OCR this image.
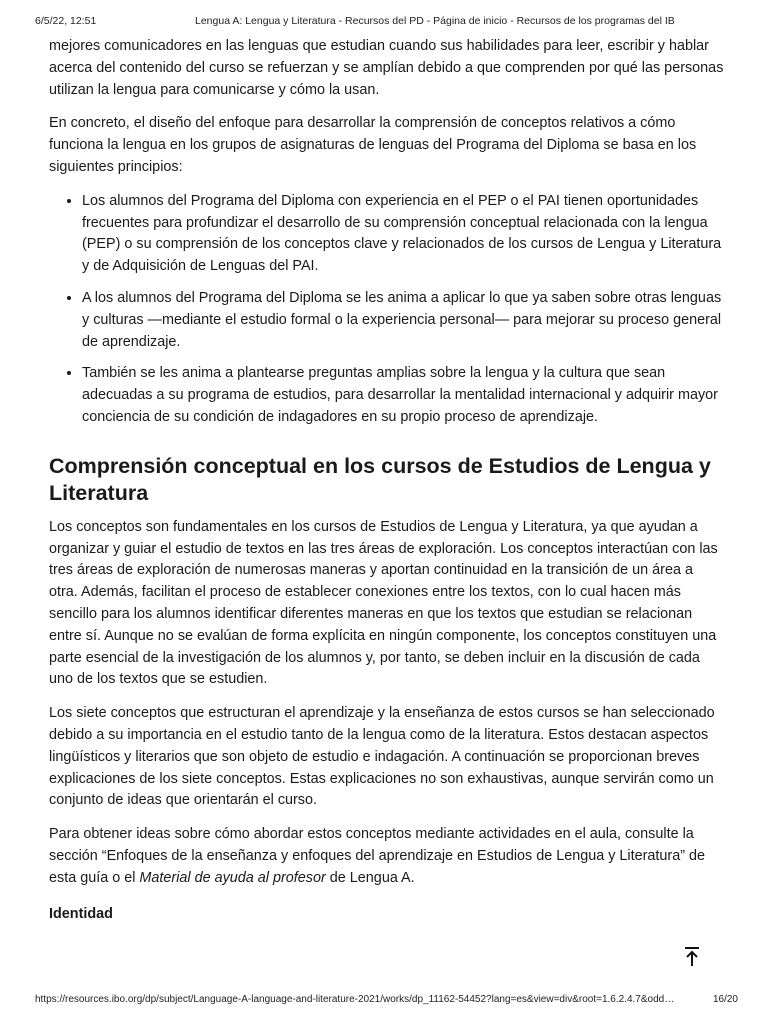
6/5/22, 12:51	Lengua A: Lengua y Literatura - Recursos del PD - Página de inicio - Recursos de los programas del IB

mejores comunicadores en las lenguas que estudian cuando sus habilidades para leer, escribir y hablar acerca del contenido del curso se refuerzan y se amplían debido a que comprenden por qué las personas utilizan la lengua para comunicarse y cómo la usan.

En concreto, el diseño del enfoque para desarrollar la comprensión de conceptos relativos a cómo funciona la lengua en los grupos de asignaturas de lenguas del Programa del Diploma se basa en los siguientes principios:

• Los alumnos del Programa del Diploma con experiencia en el PEP o el PAI tienen oportunidades frecuentes para profundizar el desarrollo de su comprensión conceptual relacionada con la lengua (PEP) o su comprensión de los conceptos clave y relacionados de los cursos de Lengua y Literatura y de Adquisición de Lenguas del PAI.
• A los alumnos del Programa del Diploma se les anima a aplicar lo que ya saben sobre otras lenguas y culturas —mediante el estudio formal o la experiencia personal— para mejorar su proceso general de aprendizaje.
• También se les anima a plantearse preguntas amplias sobre la lengua y la cultura que sean adecuadas a su programa de estudios, para desarrollar la mentalidad internacional y adquirir mayor conciencia de su condición de indagadores en su propio proceso de aprendizaje.
Comprensión conceptual en los cursos de Estudios de Lengua y Literatura

Los conceptos son fundamentales en los cursos de Estudios de Lengua y Literatura, ya que ayudan a organizar y guiar el estudio de textos en las tres áreas de exploración. Los conceptos interactúan con las tres áreas de exploración de numerosas maneras y aportan continuidad en la transición de un área a otra. Además, facilitan el proceso de establecer conexiones entre los textos, con lo cual hacen más sencillo para los alumnos identificar diferentes maneras en que los textos que estudian se relacionan entre sí. Aunque no se evalúan de forma explícita en ningún componente, los conceptos constituyen una parte esencial de la investigación de los alumnos y, por tanto, se deben incluir en la discusión de cada uno de los textos que se estudien.

Los siete conceptos que estructuran el aprendizaje y la enseñanza de estos cursos se han seleccionado debido a su importancia en el estudio tanto de la lengua como de la literatura. Estos destacan aspectos lingüísticos y literarios que son objeto de estudio e indagación. A continuación se proporcionan breves explicaciones de los siete conceptos. Estas explicaciones no son exhaustivas, aunque servirán como un conjunto de ideas que orientarán el curso.

Para obtener ideas sobre cómo abordar estos conceptos mediante actividades en el aula, consulte la sección “Enfoques de la enseñanza y enfoques del aprendizaje en Estudios de Lengua y Literatura” de esta guía o el Material de ayuda al profesor de Lengua A.

Identidad
https://resources.ibo.org/dp/subject/Language-A-language-and-literature-2021/works/dp_11162-54452?lang=es&view=div&root=1.6.2.4.7&odd…	16/20
